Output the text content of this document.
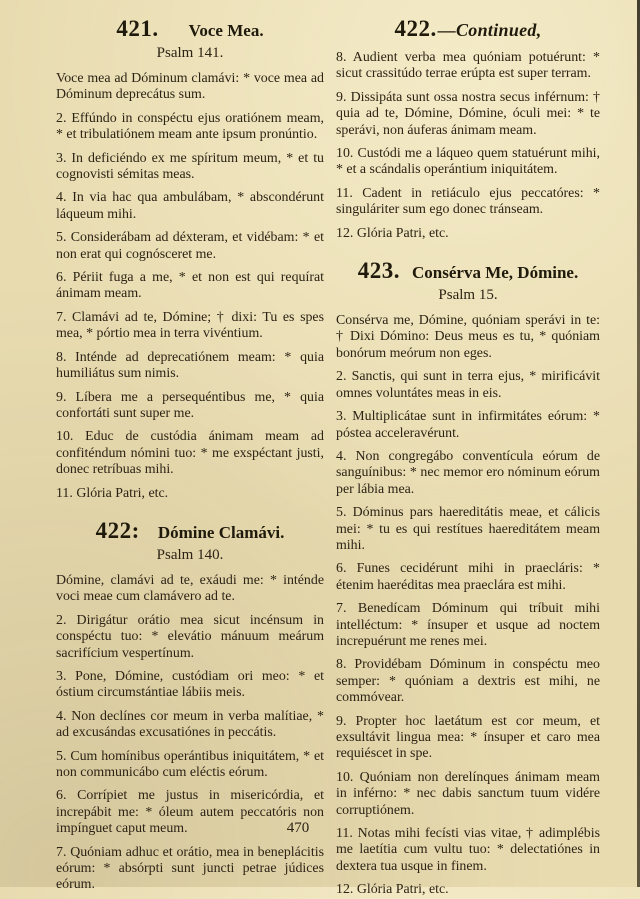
421. Voce Mea.
Psalm 141.

Voce mea ad Dóminum clamávi: * voce mea ad Dóminum deprecátus sum.

2. Effúndo in conspéctu ejus oratiónem meam, * et tribulatiónem meam ante ipsum pronúntio.

3. In deficiéndo ex me spíritum meum, * et tu cognovisti sémitas meas.

4. In via hac qua ambulábam, * abscondérunt láqueum mihi.

5. Considerábam ad déxteram, et vidébam: * et non erat qui cognósceret me.

6. Périit fuga a me, * et non est qui requírat ánimam meam.

7. Clamávi ad te, Dómine; † dixi: Tu es spes mea, * pórtio mea in terra vivéntium.

8. Inténde ad deprecatiónem meam: * quia humiliátus sum nimis.

9. Líbera me a persequéntibus me, * quia confortáti sunt super me.

10. Educ de custódia ánimam meam ad confiténdum nómini tuo: * me exspéctant justi, donec retríbuas mihi.

11. Glória Patri, etc.

422: Dómine Clamávi.
Psalm 140.

Dómine, clamávi ad te, exáudi me: * inténde voci meae cum clamávero ad te.

2. Dirigátur orátio mea sicut incénsum in conspéctu tuo: * elevátio mánuum meárum sacrifícium vespertínum.

3. Pone, Dómine, custódiam ori meo: * et óstium circumstántiae lábiis meis.

4. Non declínes cor meum in verba malítiae, * ad excusándas excusatiónes in peccátis.

5. Cum homínibus operántibus iniquitátem, * et non communicábo cum eléctis eórum.

6. Corrípiet me justus in misericórdia, et increpábit me: * óleum autem peccatóris non impínguet caput meum.

7. Quóniam adhuc et orátio, mea in beneplácitis eórum: * absórpti sunt juncti petrae júdices eórum.

422. —Continued,

8. Audient verba mea quóniam potuérunt: * sicut crassitúdo terrae erúpta est super terram.

9. Dissipáta sunt ossa nostra secus inférnum: † quia ad te, Dómine, Dómine, óculi mei: * te sperávi, non áuferas ánimam meam.

10. Custódi me a láqueo quem statuérunt mihi, * et a scándalis operántium iniquitátem.

11. Cadent in retiáculo ejus peccatóres: * singuláriter sum ego donec tránseam.

12. Glória Patri, etc.

423. Consérva Me, Dómine.
Psalm 15.

Consérva me, Dómine, quóniam sperávi in te: † Dixi Dómino: Deus meus es tu, * quóniam bonórum meórum non eges.

2. Sanctis, qui sunt in terra ejus, * mirificávit omnes voluntátes meas in eis.

3. Multiplicátae sunt in infirmitátes eórum: * póstea acceleravérunt.

4. Non congregábo conventícula eórum de sanguínibus: * nec memor ero nóminum eórum per lábia mea.

5. Dóminus pars haereditátis meae, et cálicis mei: * tu es qui restítues haereditátem meam mihi.

6. Funes cecidérunt mihi in praecláris: * étenim haeréditas mea praeclára est mihi.

7. Benedícam Dóminum qui tríbuit mihi intelléctum: * ínsuper et usque ad noctem increpuérunt me renes mei.

8. Providébam Dóminum in conspéctu meo semper: * quóniam a dextris est mihi, ne commóvear.

9. Propter hoc laetátum est cor meum, et exsultávit lingua mea: * ínsuper et caro mea requiéscet in spe.

10. Quóniam non derelínques ánimam meam in inférno: * nec dabis sanctum tuum vidére corruptiónem.

11. Notas mihi fecísti vias vitae, † adimplébis me laetítia cum vultu tuo: * delectatiónes in dextera tua usque in finem.

12. Glória Patri, etc.

470
